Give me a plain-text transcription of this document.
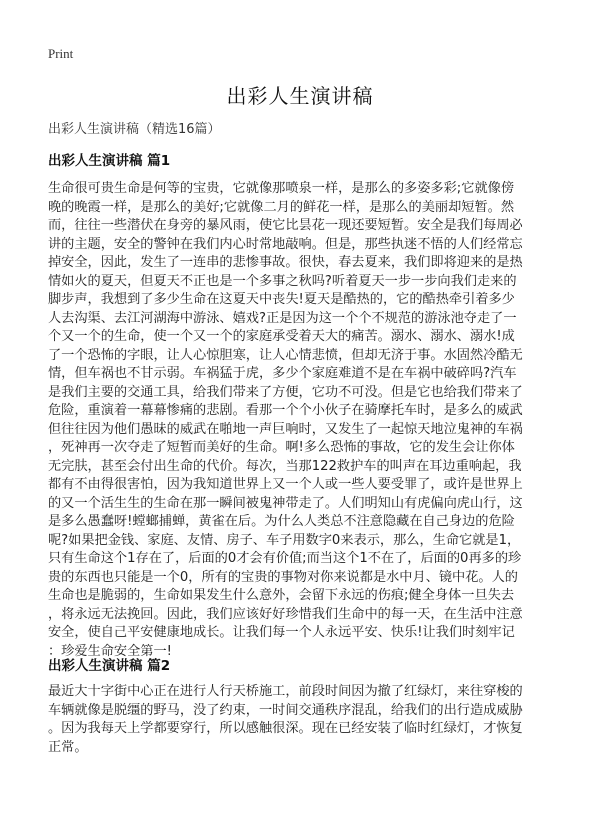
Print
出彩人生演讲稿
出彩人生演讲稿（精选16篇）
出彩人生演讲稿 篇1
生命很可贵生命是何等的宝贵，它就像那喷泉一样，是那么的多姿多彩;它就像傍
晚的晚霞一样，是那么的美好;它就像二月的鲜花一样，是那么的美丽却短暂。然
而，往往一些潜伏在身旁的暴风雨，使它比昙花一现还要短暂。安全是我们每周必
讲的主题，安全的警钟在我们内心时常地敲响。但是，那些执迷不悟的人们经常忘
掉安全，因此，发生了一连串的悲惨事故。很快，春去夏来，我们即将迎来的是热
情如火的夏天，但夏天不正也是一个多事之秋吗?听着夏天一步一步向我们走来的
脚步声，我想到了多少生命在这夏天中丧失!夏天是酷热的，它的酷热牵引着多少
人去沟渠、去江河湖海中游泳、嬉戏?正是因为这一个个不规范的游泳池夺走了一
个又一个的生命，使一个又一个的家庭承受着天大的痛苦。溺水、溺水、溺水!成
了一个恐怖的字眼，让人心惊胆寒，让人心情悲愤，但却无济于事。水固然冷酷无
情，但车祸也不甘示弱。车祸猛于虎，多少个家庭难道不是在车祸中破碎吗?汽车
是我们主要的交通工具，给我们带来了方便，它功不可没。但是它也给我们带来了
危险，重演着一幕幕惨痛的悲剧。看那一个个小伙子在骑摩托车时，是多么的威武
但往往因为他们愚昧的威武在啪地一声巨响时，又发生了一起惊天地泣鬼神的车祸
，死神再一次夺走了短暂而美好的生命。啊!多么恐怖的事故，它的发生会让你体
无完肤，甚至会付出生命的代价。每次，当那122救护车的叫声在耳边重响起，我
都有不由得很害怕，因为我知道世界上又一个人或一些人要受罪了，或许是世界上
的又一个活生生的生命在那一瞬间被鬼神带走了。人们明知山有虎偏向虎山行，这
是多么愚蠢呀!螳螂捕蝉，黄雀在后。为什么人类总不注意隐藏在自己身边的危险
呢?如果把金钱、家庭、友情、房子、车子用数字0来表示，那么，生命它就是1，
只有生命这个1存在了，后面的0才会有价值;而当这个1不在了，后面的0再多的珍
贵的东西也只能是一个0，所有的宝贵的事物对你来说都是水中月、镜中花。人的
生命也是脆弱的，生命如果发生什么意外，会留下永远的伤痕;健全身体一旦失去
，将永远无法挽回。因此，我们应该好好珍惜我们生命中的每一天，在生活中注意
安全，使自己平安健康地成长。让我们每一个人永远平安、快乐!让我们时刻牢记
：珍爱生命安全第一!
出彩人生演讲稿 篇2
最近大十字街中心正在进行人行天桥施工，前段时间因为撤了红绿灯，来往穿梭的
车辆就像是脱缰的野马，没了约束，一时间交通秩序混乱，给我们的出行造成威胁
。因为我每天上学都要穿行，所以感触很深。现在已经安装了临时红绿灯，才恢复
正常。
